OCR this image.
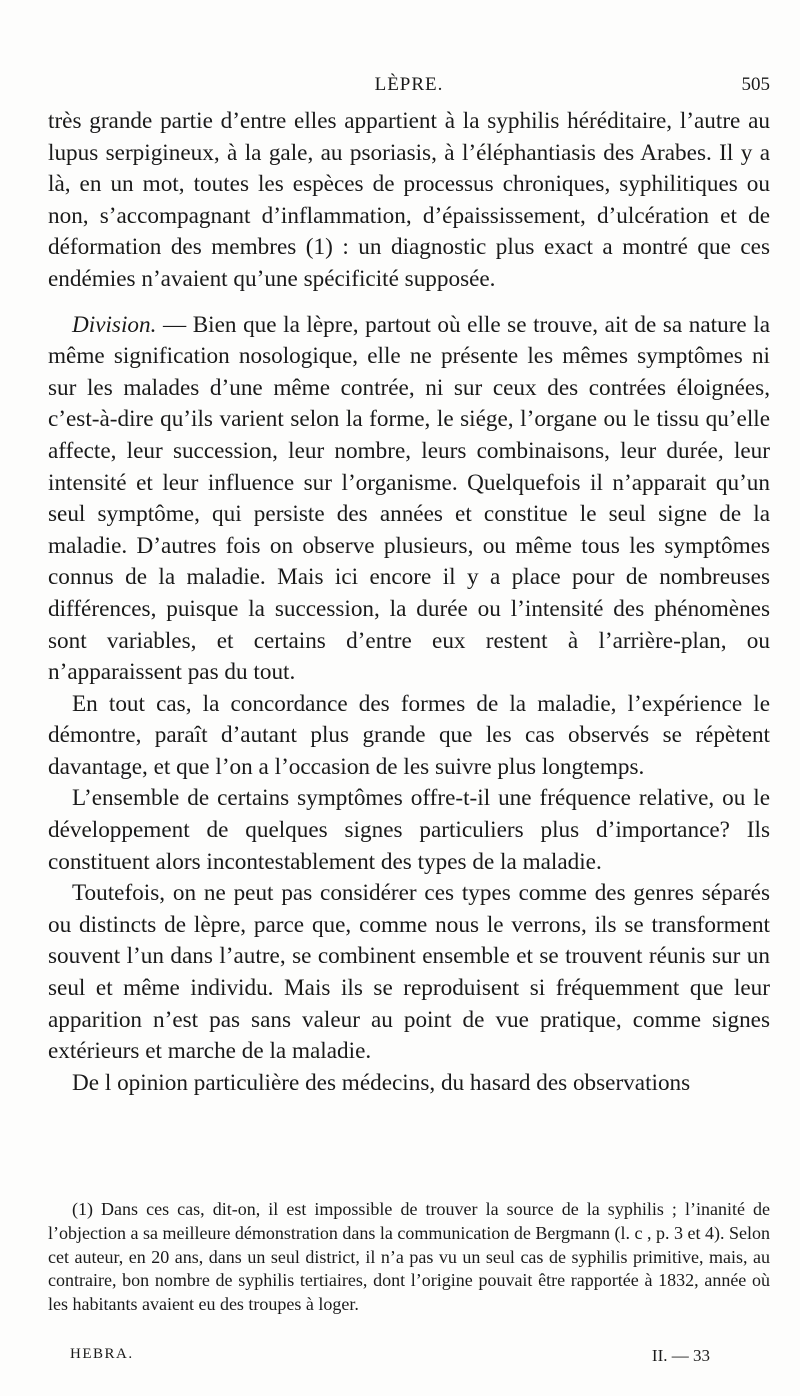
LÈPRE.	505

très grande partie d’entre elles appartient à la syphilis héréditaire, l’autre au lupus serpigineux, à la gale, au psoriasis, à l’éléphantiasis des Arabes. Il y a là, en un mot, toutes les espèces de processus chroniques, syphilitiques ou non, s’accompagnant d’inflammation, d’épaississement, d’ulcération et de déformation des membres (1) : un diagnostic plus exact a montré que ces endémies n’avaient qu’une spécificité supposée.

Division. — Bien que la lèpre, partout où elle se trouve, ait de sa nature la même signification nosologique, elle ne présente les mêmes symptômes ni sur les malades d’une même contrée, ni sur ceux des contrées éloignées, c’est-à-dire qu’ils varient selon la forme, le siége, l’organe ou le tissu qu’elle affecte, leur succession, leur nombre, leurs combinaisons, leur durée, leur intensité et leur influence sur l’organisme. Quelquefois il n’apparait qu’un seul symptôme, qui persiste des années et constitue le seul signe de la maladie. D’autres fois on observe plusieurs, ou même tous les symptômes connus de la maladie. Mais ici encore il y a place pour de nombreuses différences, puisque la succession, la durée ou l’intensité des phénomènes sont variables, et certains d’entre eux restent à l’arrière-plan, ou n’apparaissent pas du tout.

En tout cas, la concordance des formes de la maladie, l’expérience le démontre, paraît d’autant plus grande que les cas observés se répètent davantage, et que l’on a l’occasion de les suivre plus longtemps.

L’ensemble de certains symptômes offre-t-il une fréquence relative, ou le développement de quelques signes particuliers plus d’importance? Ils constituent alors incontestablement des types de la maladie.

Toutefois, on ne peut pas considérer ces types comme des genres séparés ou distincts de lèpre, parce que, comme nous le verrons, ils se transforment souvent l’un dans l’autre, se combinent ensemble et se trouvent réunis sur un seul et même individu. Mais ils se reproduisent si fréquemment que leur apparition n’est pas sans valeur au point de vue pratique, comme signes extérieurs et marche de la maladie.

De l opinion particulière des médecins, du hasard des observations

(1) Dans ces cas, dit-on, il est impossible de trouver la source de la syphilis ; l’inanité de l’objection a sa meilleure démonstration dans la communication de Bergmann (l. c , p. 3 et 4). Selon cet auteur, en 20 ans, dans un seul district, il n’a pas vu un seul cas de syphilis primitive, mais, au contraire, bon nombre de syphilis tertiaires, dont l’origine pouvait être rapportée à 1832, année où les habitants avaient eu des troupes à loger.

HEBRA.	II. — 33
